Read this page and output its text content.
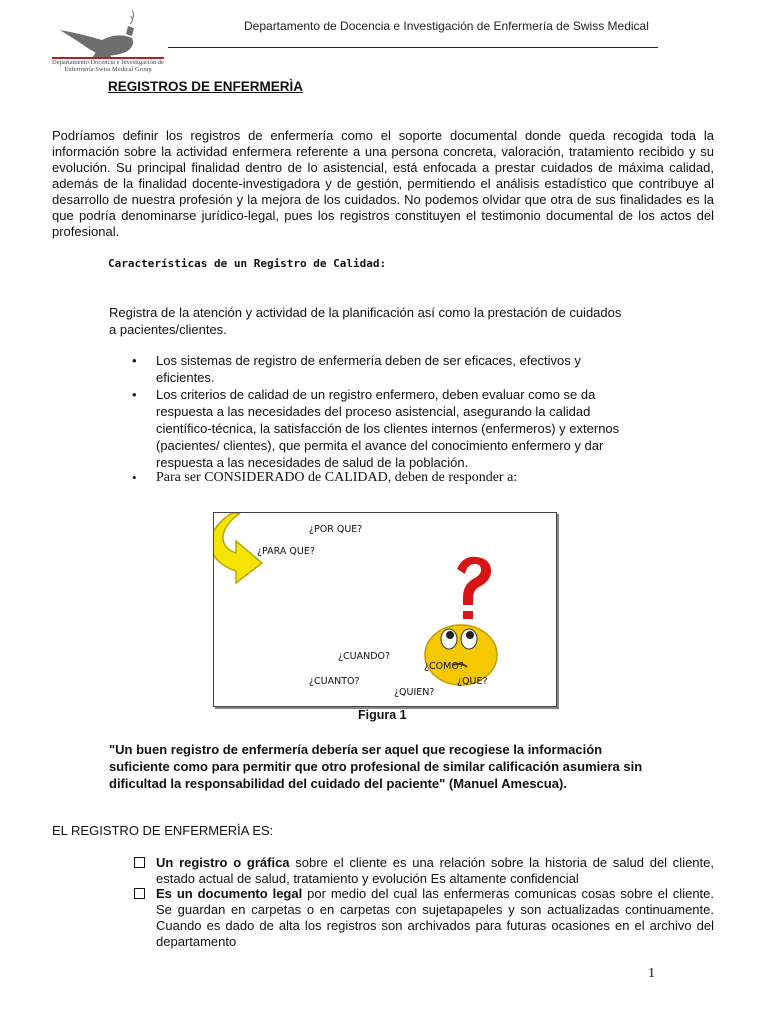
Departamento Docencia e Investigación de Enfermería Swiss Medical Group
Departamento de Docencia e Investigación de Enfermería de Swiss Medical
REGISTROS DE ENFERMERÌA
Podríamos definir los registros de enfermería como el soporte documental donde queda recogida toda la información sobre la actividad enfermera referente a una persona concreta, valoración, tratamiento recibido y su evolución. Su principal finalidad dentro de lo asistencial, está enfocada a prestar cuidados de máxima calidad, además de la finalidad docente-investigadora y de gestión, permitiendo el análisis estadístico que contribuye al desarrollo de nuestra profesión y la mejora de los cuidados. No podemos olvidar que otra de sus finalidades es la que podría denominarse jurídico-legal, pues los registros constituyen el testimonio documental de los actos del profesional.
Características de un Registro de Calidad:
Registra de la atención y actividad de la planificación así como la prestación de cuidados a pacientes/clientes.
• Los sistemas de registro de enfermería deben de ser eficaces, efectivos y eficientes.
• Los criterios de calidad de un registro enfermero, deben evaluar como se da respuesta a las necesidades del proceso asistencial, asegurando la calidad científico-técnica, la satisfacción de los clientes internos (enfermeros) y externos (pacientes/ clientes), que permita el avance del conocimiento enfermero y dar respuesta a las necesidades de salud de la población.
• Para ser CONSIDERADO de CALIDAD, deben de responder a:
¿POR QUE?
¿PARA QUE?
¿CUANDO?
¿COMO?
¿CUANTO?	¿QUE?
¿QUIEN?
Figura 1
"Un buen registro de enfermería debería ser aquel que recogiese la información suficiente como para permitir que otro profesional de similar calificación asumiera sin dificultad la responsabilidad del cuidado del paciente" (Manuel Amescua).
EL REGISTRO DE ENFERMERÌA ES:
Un registro o gráfica sobre el cliente es una relación sobre la historia de salud del cliente, estado actual de salud, tratamiento y evolución Es altamente confidencial
Es un documento legal por medio del cual las enfermeras comunicas cosas sobre el cliente. Se guardan en carpetas o en carpetas con sujetapapeles y son actualizadas continuamente. Cuando es dado de alta los registros son archivados para futuras ocasiones en el archivo del departamento
1
